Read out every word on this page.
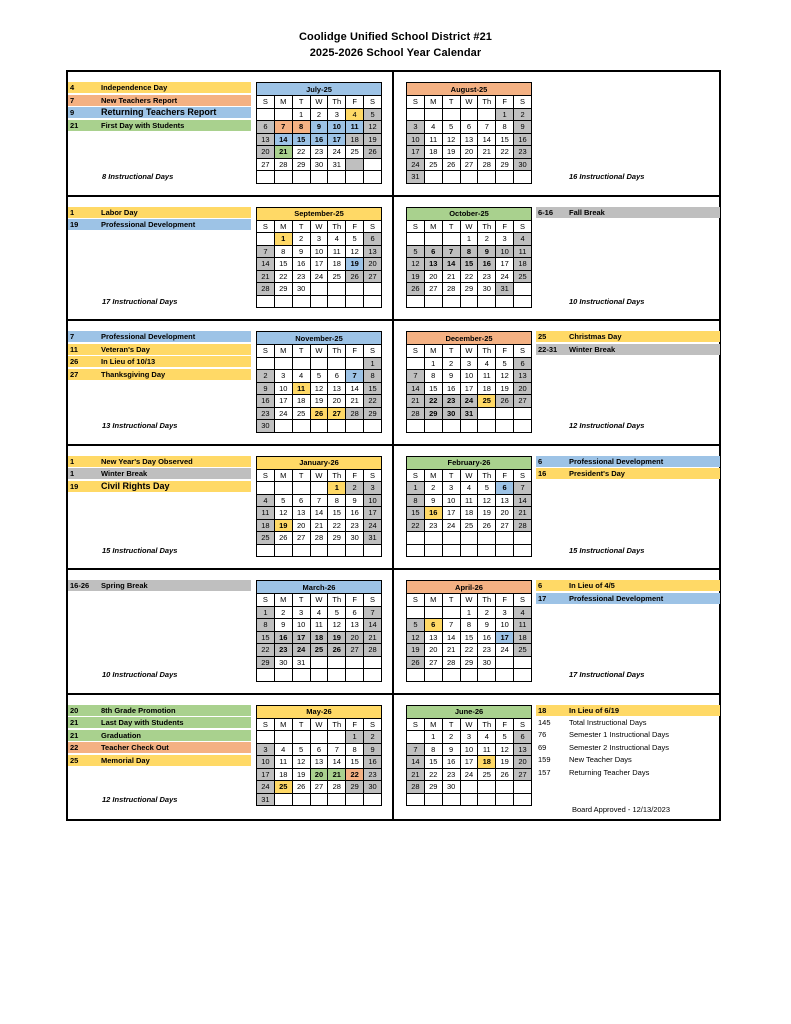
Coolidge Unified School District #21
2025-2026 School Year Calendar
4	Independence Day
7	New Teachers Report
9	Returning Teachers Report
21	First Day with Students
8 Instructional Days
July-25						
S	M	T	W	Th	F	S
		1	2	3	4	5
6	7	8	9	10	11	12
13	14	15	16	17	18	19
20	21	22	23	24	25	26
27	28	29	30	31		

16 Instructional Days
August-25						
S	M	T	W	Th	F	S
					1	2
3	4	5	6	7	8	9
10	11	12	13	14	15	16
17	18	19	20	21	22	23
24	25	26	27	28	29	30
31						
1	Labor Day
19	Professional Development
17 Instructional Days
September-25						
S	M	T	W	Th	F	S
	1	2	3	4	5	6
7	8	9	10	11	12	13
14	15	16	17	18	19	20
21	22	23	24	25	26	27
28	29	30				

6-16 Fall Break
10 Instructional Days
October-25						
S	M	T	W	Th	F	S
			1	2	3	4
5	6	7	8	9	10	11
12	13	14	15	16	17	18
19	20	21	22	23	24	25
26	27	28	29	30	31	

7	Professional Development
11	Veteran's Day
26	In Lieu of 10/13
27	Thanksgiving Day
13 Instructional Days
November-25						
S	M	T	W	Th	F	S
						1
2	3	4	5	6	7	8
9	10	11	12	13	14	15
16	17	18	19	20	21	22
23	24	25	26	27	28	29
30						
25	Christmas Day
22-31 Winter Break
12 Instructional Days
December-25						
S	M	T	W	Th	F	S
	1	2	3	4	5	6
7	8	9	10	11	12	13
14	15	16	17	18	19	20
21	22	23	24	25	26	27
28	29	30	31			

1	New Year's Day Observed
1	Winter Break
19	Civil Rights Day
15 Instructional Days
January-26						
S	M	T	W	Th	F	S
				1	2	3
4	5	6	7	8	9	10
11	12	13	14	15	16	17
18	19	20	21	22	23	24
25	26	27	28	29	30	31

6	Professional Development
16	President's Day
15 Instructional Days
February-26						
S	M	T	W	Th	F	S
1	2	3	4	5	6	7
8	9	10	11	12	13	14
15	16	17	18	19	20	21
22	23	24	25	26	27	28

16-26 Spring Break
10 Instructional Days
March-26						
S	M	T	W	Th	F	S
1	2	3	4	5	6	7
8	9	10	11	12	13	14
15	16	17	18	19	20	21
22	23	24	25	26	27	28
29	30	31				

6	In Lieu of 4/5
17	Professional Development
17 Instructional Days
April-26						
S	M	T	W	Th	F	S
			1	2	3	4
5	6	7	8	9	10	11
12	13	14	15	16	17	18
19	20	21	22	23	24	25
26	27	28	29	30		

20	8th Grade Promotion
21	Last Day with Students
21	Graduation
22	Teacher Check Out
25	Memorial Day
12 Instructional Days
May-26						
S	M	T	W	Th	F	S
					1	2
3	4	5	6	7	8	9
10	11	12	13	14	15	16
17	18	19	20	21	22	23
24	25	26	27	28	29	30
31						
18	In Lieu of 6/19
145 Total Instructional Days
76	Semester 1 Instructional Days
69	Semester 2 Instructional Days
159 New Teacher Days
157 Returning Teacher Days
Board Approved - 12/13/2023
June-26						
S	M	T	W	Th	F	S
	1	2	3	4	5	6
7	8	9	10	11	12	13
14	15	16	17	18	19	20
21	22	23	24	25	26	27
28	29	30				
